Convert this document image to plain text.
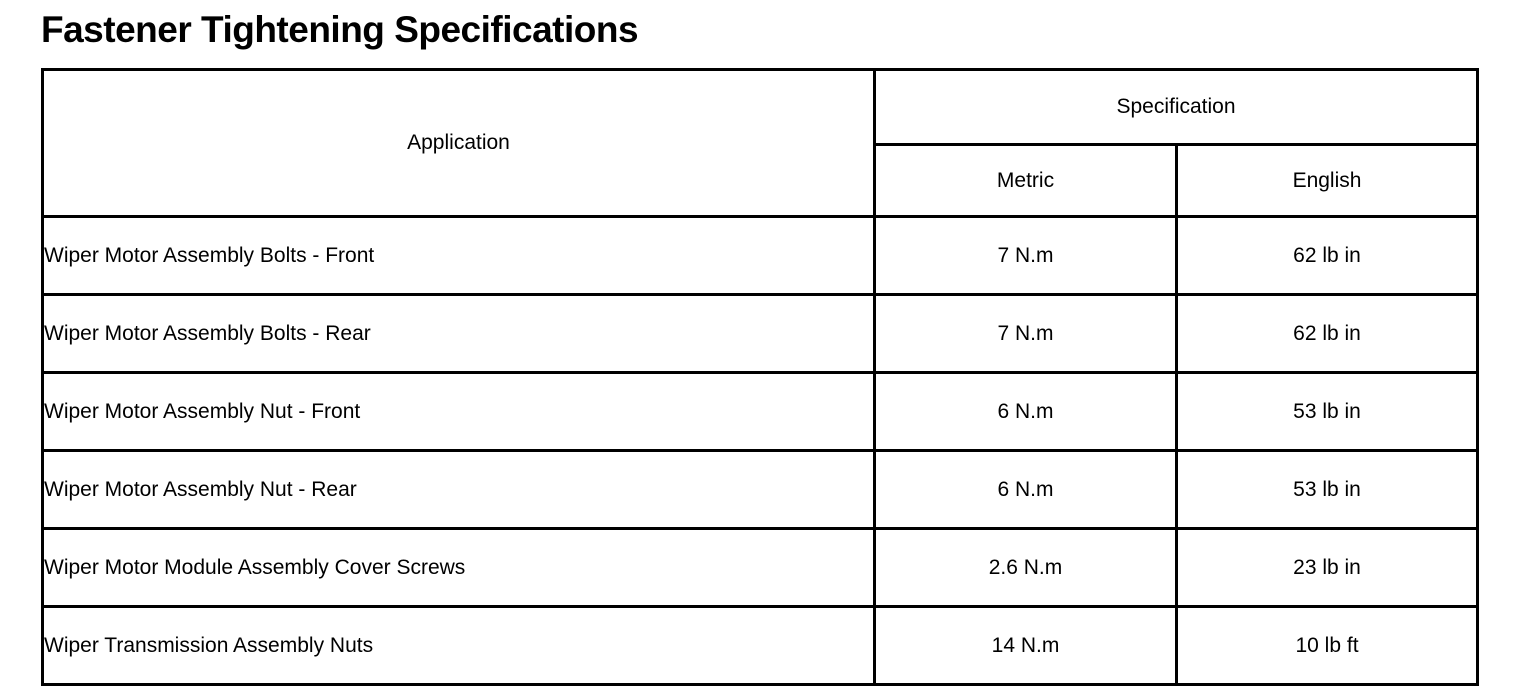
Fastener Tightening Specifications
Application	Specification	
	Metric	English
Wiper Motor Assembly Bolts - Front	7 N.m	62 lb in
Wiper Motor Assembly Bolts - Rear	7 N.m	62 lb in
Wiper Motor Assembly Nut - Front	6 N.m	53 lb in
Wiper Motor Assembly Nut - Rear	6 N.m	53 lb in
Wiper Motor Module Assembly Cover Screws	2.6 N.m	23 lb in
Wiper Transmission Assembly Nuts	14 N.m	10 lb ft
